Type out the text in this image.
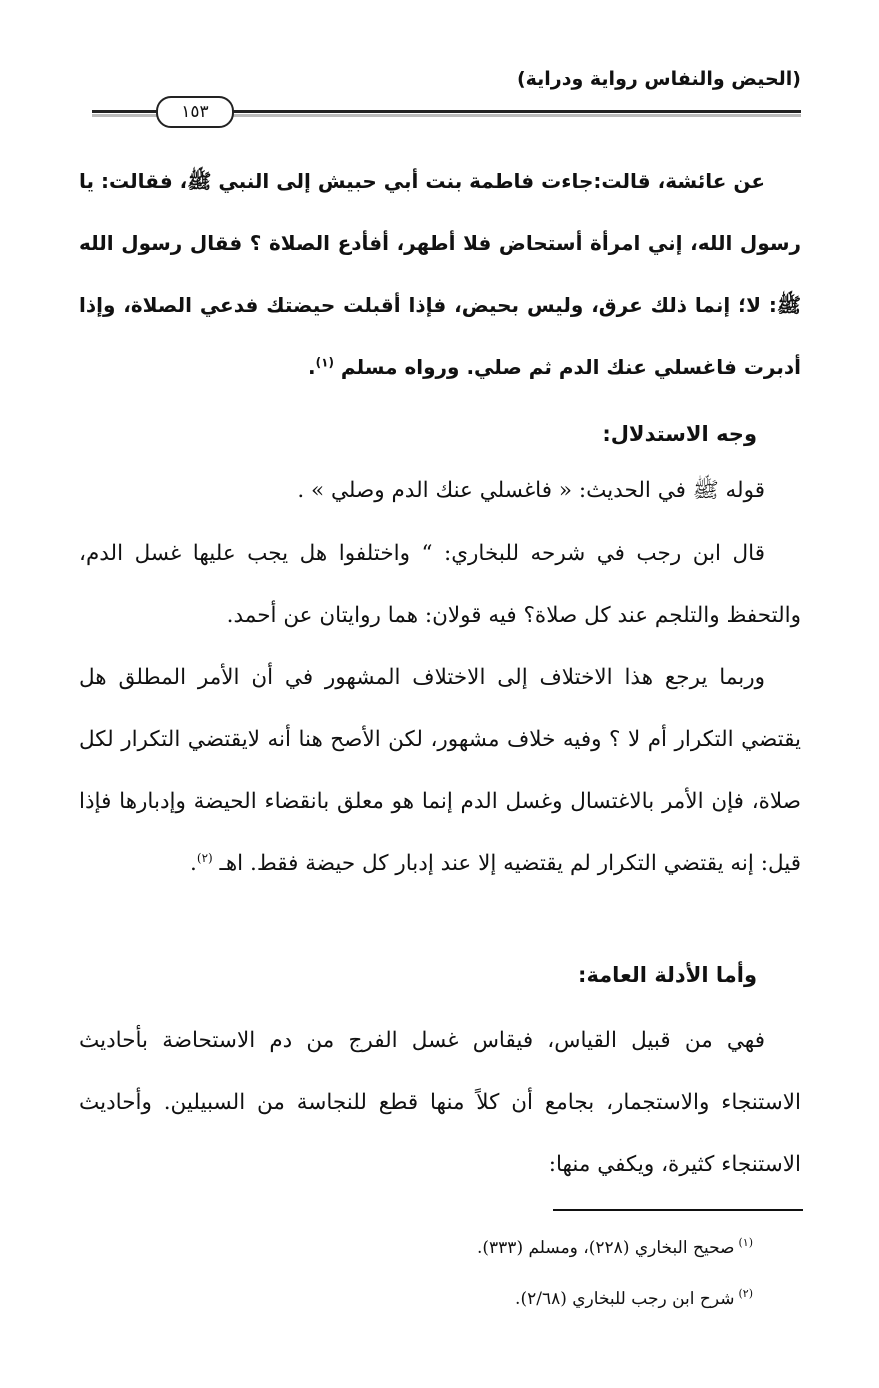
(الحيض والنفاس رواية ودراية)
١٥٣
عن عائشة، قالت:جاءت فاطمة بنت أبي حبيش إلى النبي ﷺ، فقالت: يا رسول الله، إني امرأة أستحاض فلا أطهر، أفأدع الصلاة ؟ فقال رسول الله ﷺ: لا؛ إنما ذلك عرق، وليس بحيض، فإذا أقبلت حيضتك فدعي الصلاة، وإذا أدبرت فاغسلي عنك الدم ثم صلي. ورواه مسلم $^{(١)}$.
وجه الاستدلال:
قوله ﷺ في الحديث: « فاغسلي عنك الدم وصلي » .
قال ابن رجب في شرحه للبخاري: “ واختلفوا هل يجب عليها غسل الدم، والتحفظ والتلجم عند كل صلاة؟ فيه قولان: هما روايتان عن أحمد.
وربما يرجع هذا الاختلاف إلى الاختلاف المشهور في أن الأمر المطلق هل يقتضي التكرار أم لا ؟ وفيه خلاف مشهور، لكن الأصح هنا أنه لايقتضي التكرار لكل صلاة، فإن الأمر بالاغتسال وغسل الدم إنما هو معلق بانقضاء الحيضة وإدبارها فإذا قيل: إنه يقتضي التكرار لم يقتضيه إلا عند إدبار كل حيضة فقط. اهـ $^{(٢)}$.
وأما الأدلة العامة:
فهي من قبيل القياس، فيقاس غسل الفرج من دم الاستحاضة بأحاديث الاستنجاء والاستجمار، بجامع أن كلاً منها قطع للنجاسة من السبيلين. وأحاديث الاستنجاء كثيرة، ويكفي منها:
$^{(١)}$صحيح البخاري (٢٢٨)، ومسلم (٣٣٣).
$^{(٢)}$شرح ابن رجب للبخاري (٢/٦٨).
